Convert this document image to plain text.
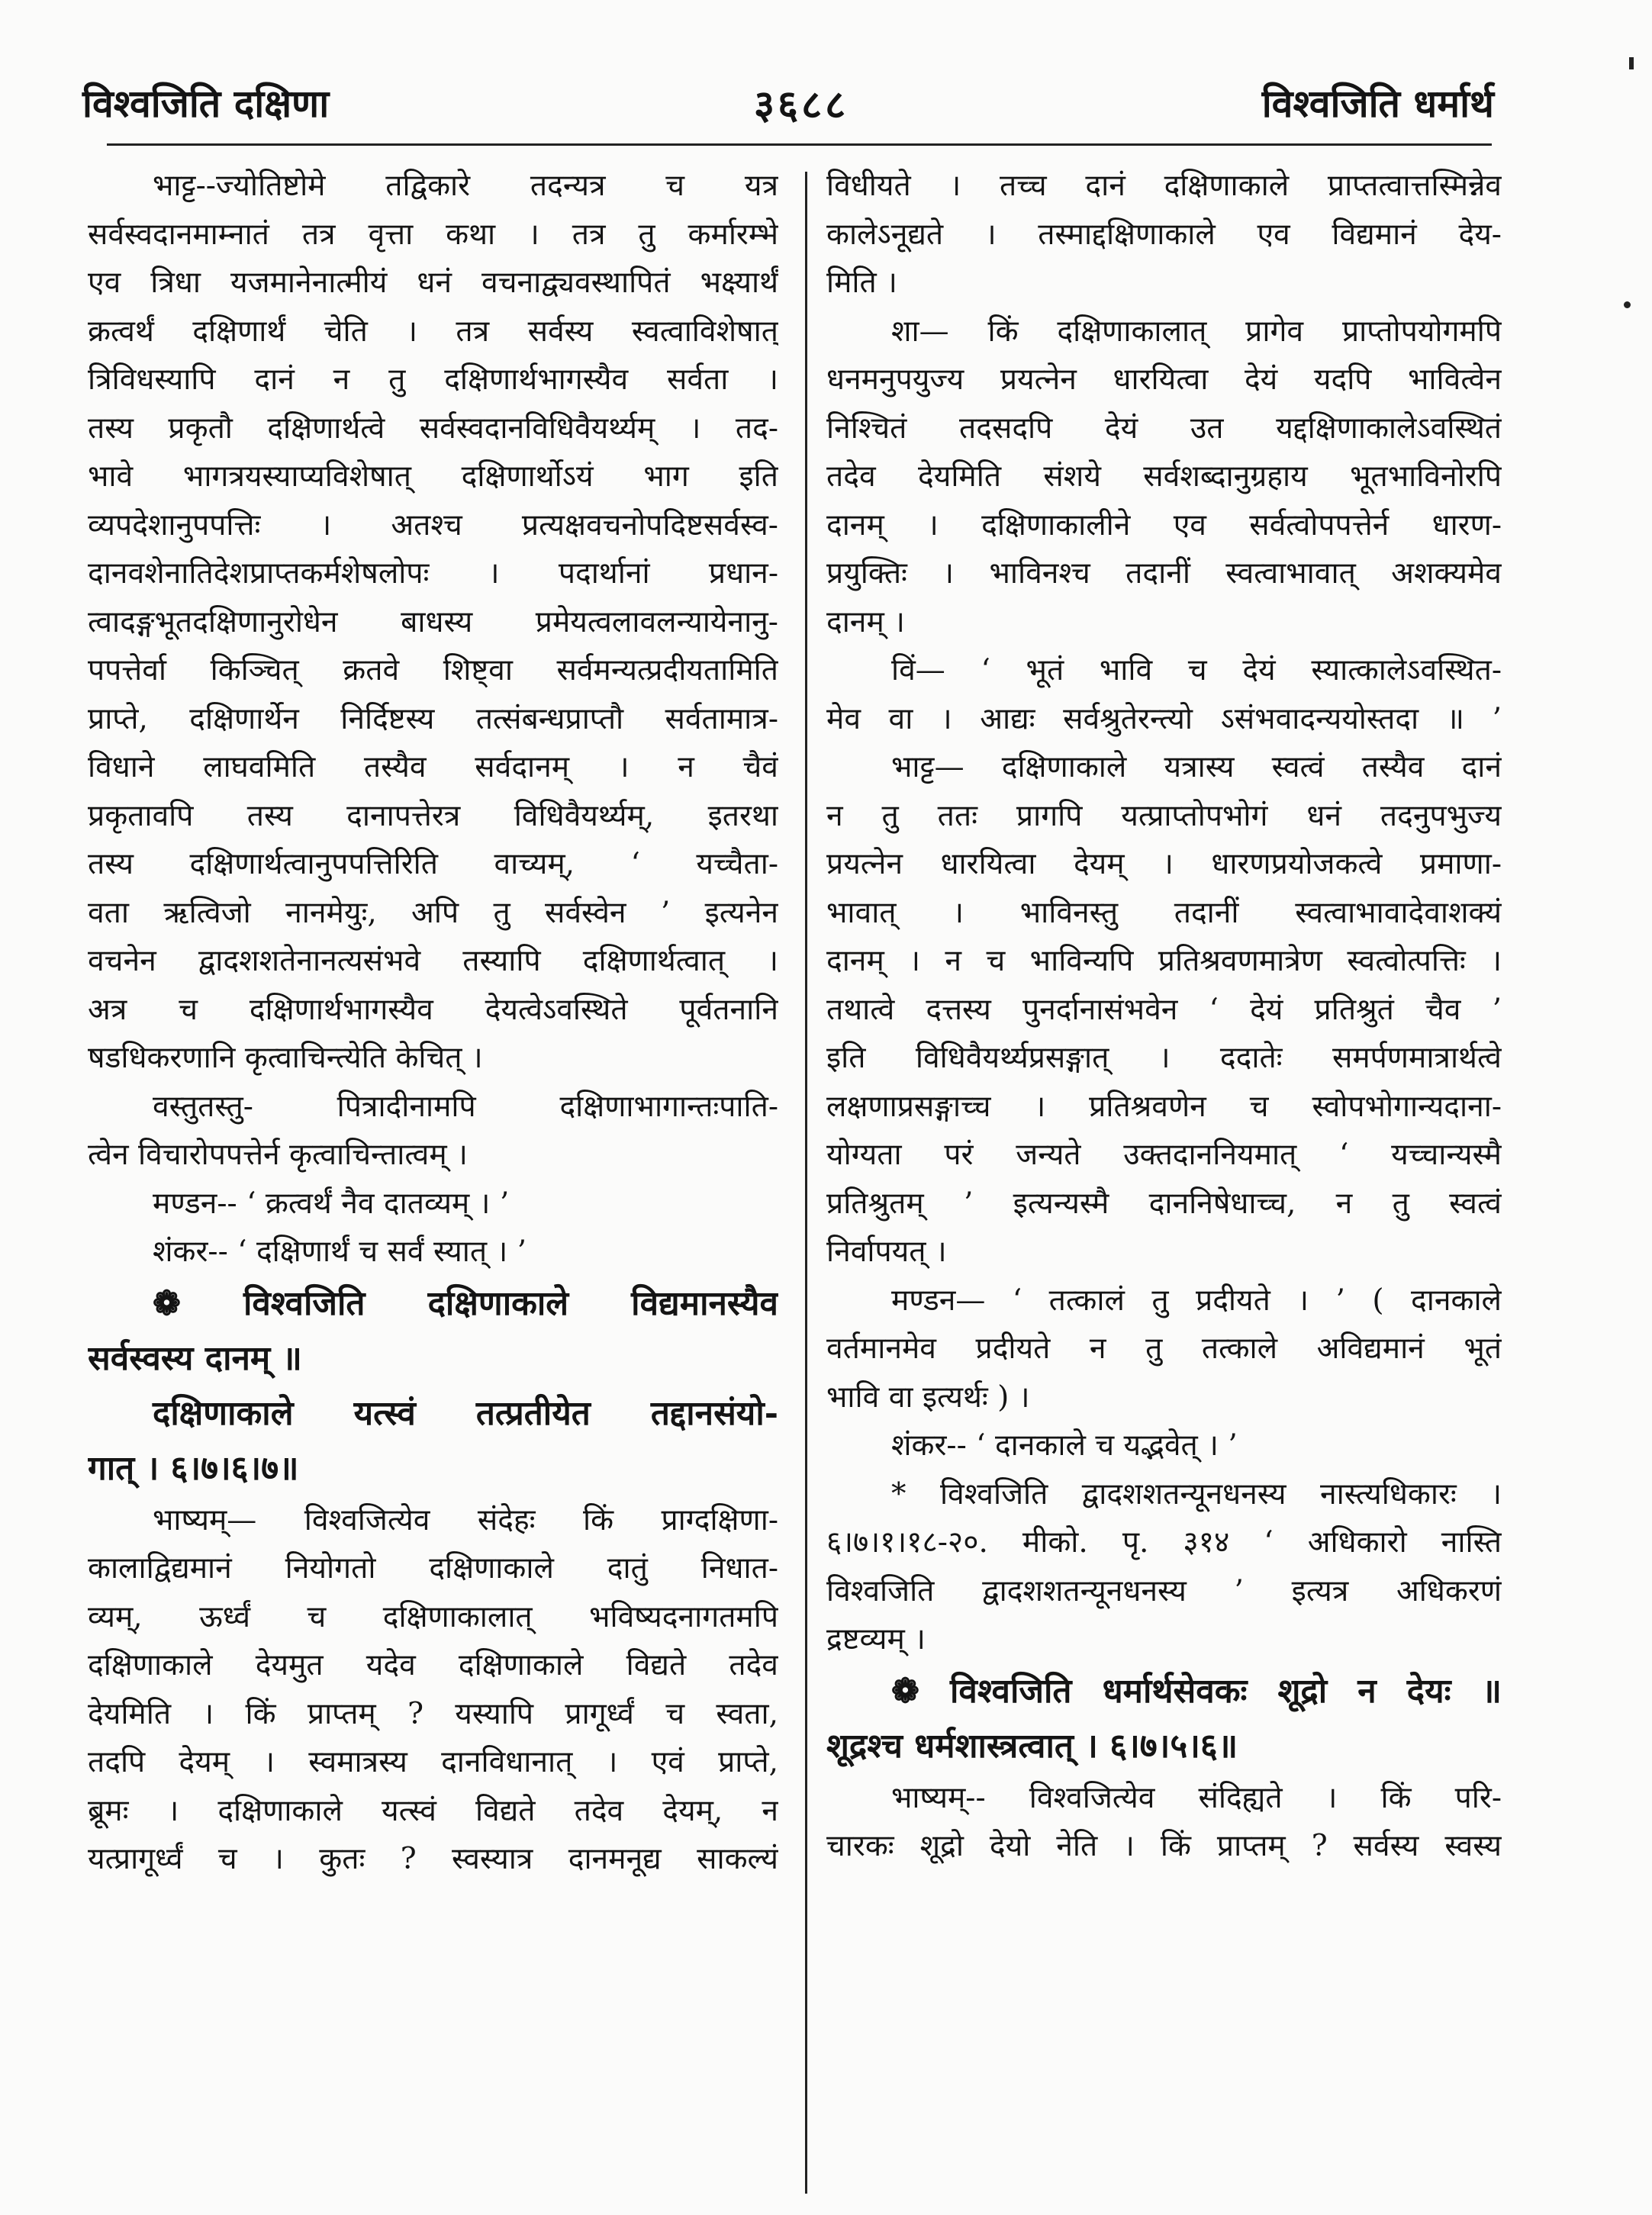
विश्वजिति दक्षिणा	३६८८	विश्वजिति धर्मार्थ
भाट्ट--ज्योतिष्टोमे तद्विकारे तदन्यत्र च यत्र
सर्वस्वदानमाम्नातं तत्र वृत्ता कथा । तत्र तु कर्मारम्भे
एव त्रिधा यजमानेनात्मीयं धनं वचनाद्व्यवस्थापितं भक्ष्यार्थं
क्रत्वर्थं दक्षिणार्थं चेति । तत्र सर्वस्य स्वत्वाविशेषात्
त्रिविधस्यापि दानं न तु दक्षिणार्थभागस्यैव सर्वता ।
तस्य प्रकृतौ दक्षिणार्थत्वे सर्वस्वदानविधिवैयर्थ्यम् । तद-
भावे भागत्रयस्याप्यविशेषात् दक्षिणार्थोऽयं भाग इति
व्यपदेशानुपपत्तिः । अतश्च प्रत्यक्षवचनोपदिष्टसर्वस्व-
दानवशेनातिदेशप्राप्तकर्मशेषलोपः । पदार्थानां प्रधान-
त्वादङ्गभूतदक्षिणानुरोधेन बाधस्य प्रमेयत्वलावलन्यायेनानु-
पपत्तेर्वा किञ्चित् क्रतवे शिष्ट्वा सर्वमन्यत्प्रदीयतामिति
प्राप्ते, दक्षिणार्थेन निर्दिष्टस्य तत्संबन्धप्राप्तौ सर्वतामात्र-
विधाने लाघवमिति तस्यैव सर्वदानम् । न चैवं
प्रकृतावपि तस्य दानापत्तेरत्र विधिवैयर्थ्यम्, इतरथा
तस्य दक्षिणार्थत्वानुपपत्तिरिति वाच्यम्, ‘ यच्चैता-
वता ऋत्विजो नानमेयुः, अपि तु सर्वस्वेन ’ इत्यनेन
वचनेन द्वादशशतेनानत्यसंभवे तस्यापि दक्षिणार्थत्वात् ।
अत्र च दक्षिणार्थभागस्यैव देयत्वेऽवस्थिते पूर्वतनानि
षडधिकरणानि कृत्वाचिन्त्येति केचित् ।
वस्तुतस्तु- पित्रादीनामपि दक्षिणाभागान्तःपाति-
त्वेन विचारोपपत्तेर्न कृत्वाचिन्तात्वम् ।
मण्डन-- ‘ क्रत्वर्थं नैव दातव्यम् । ’
शंकर-- ‘ दक्षिणार्थं च सर्वं स्यात् । ’
❁ विश्वजिति दक्षिणाकाले विद्यमानस्यैव
सर्वस्वस्य दानम् ॥
दक्षिणाकाले यत्स्वं तत्प्रतीयेत तद्दानसंयो-
गात् । ६।७।६।७॥
भाष्यम्— विश्वजित्येव संदेहः किं प्राग्दक्षिणा-
कालाद्विद्यमानं नियोगतो दक्षिणाकाले दातुं निधात-
व्यम्, ऊर्ध्वं च दक्षिणाकालात् भविष्यदनागतमपि
दक्षिणाकाले देयमुत यदेव दक्षिणाकाले विद्यते तदेव
देयमिति । किं प्राप्तम् ? यस्यापि प्रागूर्ध्वं च स्वता,
तदपि देयम् । स्वमात्रस्य दानविधानात् । एवं प्राप्ते,
ब्रूमः । दक्षिणाकाले यत्स्वं विद्यते तदेव देयम्, न
यत्प्रागूर्ध्वं च । कुतः ? स्वस्यात्र दानमनूद्य साकल्यं
विधीयते । तच्च दानं दक्षिणाकाले प्राप्तत्वात्तस्मिन्नेव
कालेऽनूद्यते । तस्माद्दक्षिणाकाले एव विद्यमानं देय-
मिति ।
शा— किं दक्षिणाकालात् प्रागेव प्राप्तोपयोगमपि
धनमनुपयुज्य प्रयत्नेन धारयित्वा देयं यदपि भावित्वेन
निश्चितं तदसदपि देयं उत यद्दक्षिणाकालेऽवस्थितं
तदेव देयमिति संशये सर्वशब्दानुग्रहाय भूतभाविनोरपि
दानम् । दक्षिणाकालीने एव सर्वत्वोपपत्तेर्न धारण-
प्रयुक्तिः । भाविनश्च तदानीं स्वत्वाभावात् अशक्यमेव
दानम् ।
विं— ‘ भूतं भावि च देयं स्यात्कालेऽवस्थित-
मेव वा । आद्यः सर्वश्रुतेरन्त्यो ऽसंभवादन्ययोस्तदा ॥ ’
भाट्ट— दक्षिणाकाले यत्रास्य स्वत्वं तस्यैव दानं
न तु ततः प्रागपि यत्प्राप्तोपभोगं धनं तदनुपभुज्य
प्रयत्नेन धारयित्वा देयम् । धारणप्रयोजकत्वे प्रमाणा-
भावात् । भाविनस्तु तदानीं स्वत्वाभावादेवाशक्यं
दानम् । न च भाविन्यपि प्रतिश्रवणमात्रेण स्वत्वोत्पत्तिः ।
तथात्वे दत्तस्य पुनर्दानासंभवेन ‘ देयं प्रतिश्रुतं चैव ’
इति विधिवैयर्थ्यप्रसङ्गात् । ददातेः समर्पणमात्रार्थत्वे
लक्षणाप्रसङ्गाच्च । प्रतिश्रवणेन च स्वोपभोगान्यदाना-
योग्यता परं जन्यते उक्तदाननियमात् ‘ यच्चान्यस्मै
प्रतिश्रुतम् ’ इत्यन्यस्मै दाननिषेधाच्च, न तु स्वत्वं
निर्वापयत् ।
मण्डन— ‘ तत्कालं तु प्रदीयते । ’ ( दानकाले
वर्तमानमेव प्रदीयते न तु तत्काले अविद्यमानं भूतं
भावि वा इत्यर्थः ) ।
शंकर-- ‘ दानकाले च यद्भवेत् । ’
* विश्वजिति द्वादशशतन्यूनधनस्य नास्त्यधिकारः ।
६।७।१।१८-२०. मीको. पृ. ३१४ ‘ अधिकारो नास्ति
विश्वजिति द्वादशशतन्यूनधनस्य ’ इत्यत्र अधिकरणं
द्रष्टव्यम् ।
❁ विश्वजिति धर्मार्थसेवकः शूद्रो न देयः ॥
शूद्रश्च धर्मशास्त्रत्वात् । ६।७।५।६॥
भाष्यम्-- विश्वजित्येव संदिह्यते । किं परि-
चारकः शूद्रो देयो नेति । किं प्राप्तम् ? सर्वस्य स्वस्य
